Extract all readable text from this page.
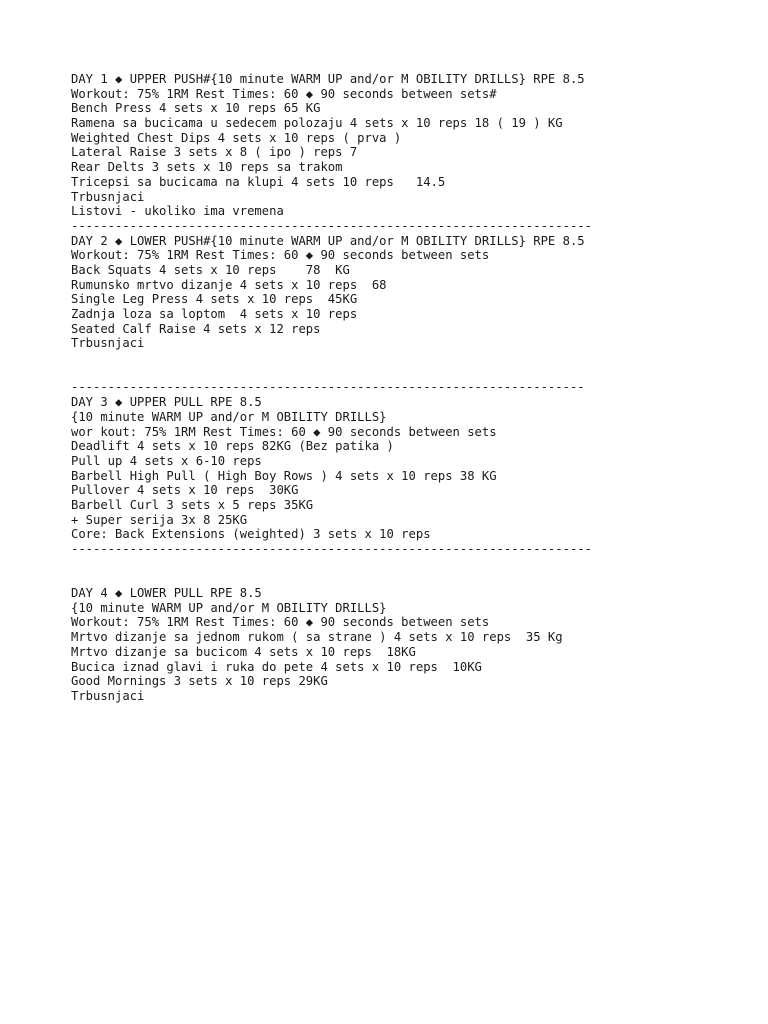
DAY 1 ◆ UPPER PUSH#{10 minute WARM UP and/or M OBILITY DRILLS} RPE 8.5
Workout: 75% 1RM Rest Times: 60 ◆ 90 seconds between sets#
Bench Press 4 sets x 10 reps 65 KG
Ramena sa bucicama u sedecem polozaju 4 sets x 10 reps 18 ( 19 ) KG
Weighted Chest Dips 4 sets x 10 reps ( prva )
Lateral Raise 3 sets x 8 ( ipo ) reps 7
Rear Delts 3 sets x 10 reps sa trakom
Tricepsi sa bucicama na klupi 4 sets 10 reps   14.5
Trbusnjaci
Listovi - ukoliko ima vremena
-----------------------------------------------------------------------
DAY 2 ◆ LOWER PUSH#{10 minute WARM UP and/or M OBILITY DRILLS} RPE 8.5
Workout: 75% 1RM Rest Times: 60 ◆ 90 seconds between sets
Back Squats 4 sets x 10 reps    78  KG
Rumunsko mrtvo dizanje 4 sets x 10 reps  68
Single Leg Press 4 sets x 10 reps  45KG
Zadnja loza sa loptom  4 sets x 10 reps
Seated Calf Raise 4 sets x 12 reps
Trbusnjaci
----------------------------------------------------------------------
DAY 3 ◆ UPPER PULL RPE 8.5
{10 minute WARM UP and/or M OBILITY DRILLS}
wor kout: 75% 1RM Rest Times: 60 ◆ 90 seconds between sets
Deadlift 4 sets x 10 reps 82KG (Bez patika )
Pull up 4 sets x 6-10 reps
Barbell High Pull ( High Boy Rows ) 4 sets x 10 reps 38 KG
Pullover 4 sets x 10 reps  30KG
Barbell Curl 3 sets x 5 reps 35KG
+ Super serija 3x 8 25KG
Core: Back Extensions (weighted) 3 sets x 10 reps
-----------------------------------------------------------------------
DAY 4 ◆ LOWER PULL RPE 8.5
{10 minute WARM UP and/or M OBILITY DRILLS}
Workout: 75% 1RM Rest Times: 60 ◆ 90 seconds between sets
Mrtvo dizanje sa jednom rukom ( sa strane ) 4 sets x 10 reps  35 Kg
Mrtvo dizanje sa bucicom 4 sets x 10 reps  18KG
Bucica iznad glavi i ruka do pete 4 sets x 10 reps  10KG
Good Mornings 3 sets x 10 reps 29KG
Trbusnjaci
